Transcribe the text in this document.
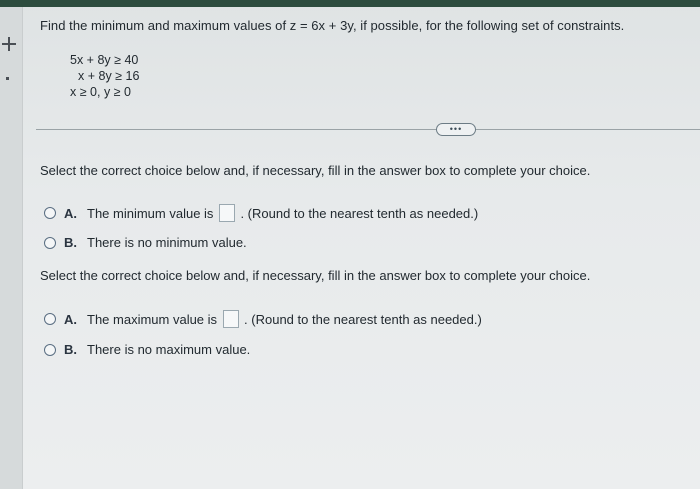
Find the minimum and maximum values of z = 6x + 3y, if possible, for the following set of constraints.
5x + 8y ≥ 40
x + 8y ≥ 16
x ≥ 0, y ≥ 0
•••
Select the correct choice below and, if necessary, fill in the answer box to complete your choice.
A. The minimum value is . (Round to the nearest tenth as needed.)
B. There is no minimum value.
Select the correct choice below and, if necessary, fill in the answer box to complete your choice.
A. The maximum value is . (Round to the nearest tenth as needed.)
B. There is no maximum value.
